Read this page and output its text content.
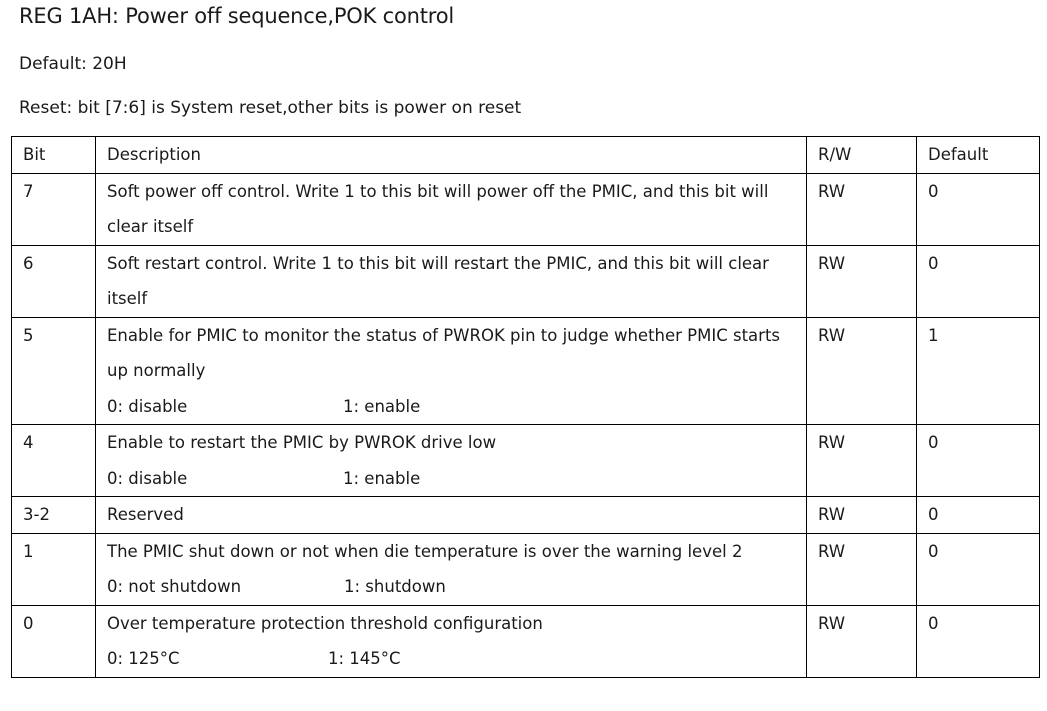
REG 1AH: Power off sequence,POK control

Default: 20H

Reset: bit [7:6] is System reset,other bits is power on reset

Bit	Description	R/W	Default
7	Soft power off control. Write 1 to this bit will power off the PMIC, and this bit will clear itself	RW	0
6	Soft restart control. Write 1 to this bit will restart the PMIC, and this bit will clear itself	RW	0
5	Enable for PMIC to monitor the status of PWROK pin to judge whether PMIC starts up normally
0: disable 1: enable	RW	1
4	Enable to restart the PMIC by PWROK drive low
0: disable 1: enable	RW	0
3-2	Reserved	RW	0
1	The PMIC shut down or not when die temperature is over the warning level 2
0: not shutdown 1: shutdown	RW	0
0	Over temperature protection threshold configuration
0: 125°C 1: 145°C	RW	0
